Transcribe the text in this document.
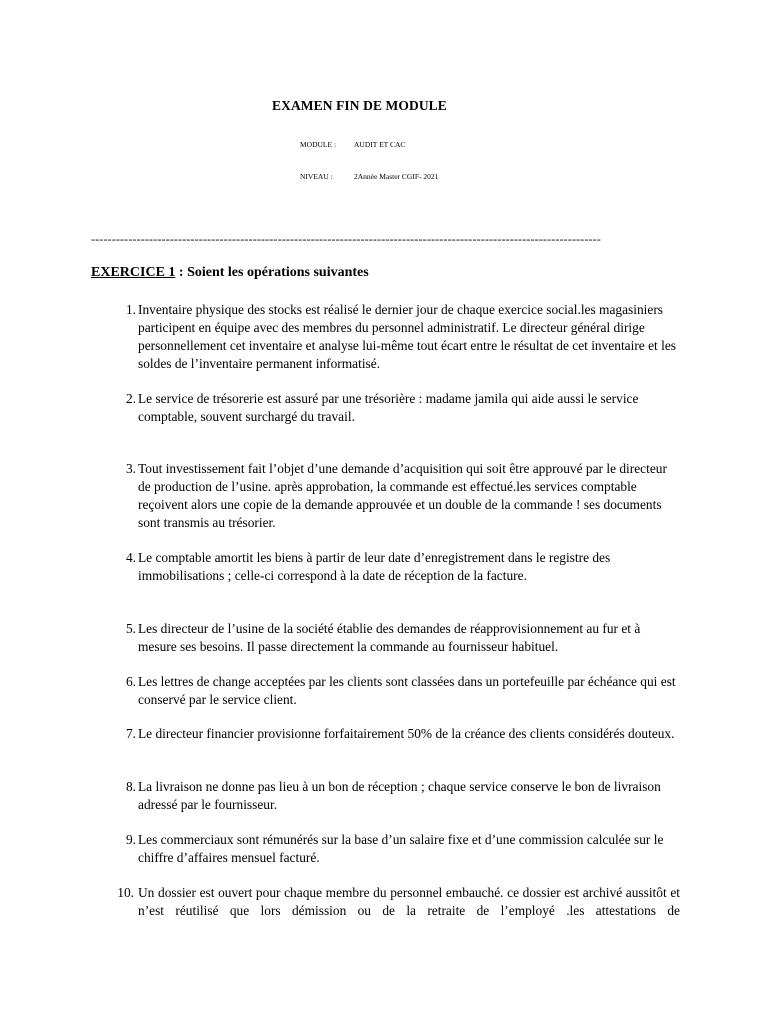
EXAMEN FIN DE MODULE
MODULE : AUDIT ET CAC
NIVEAU :	2Année Master CGIF- 2021
---------------------------------------------------------------------------------------------------------------------------
EXERCICE 1 : Soient les opérations suivantes
1. Inventaire physique des stocks est réalisé le dernier jour de chaque exercice social.les magasiniers participent en équipe avec des membres du personnel administratif. Le directeur général dirige personnellement cet inventaire et analyse lui-même tout écart entre le résultat de cet inventaire et les soldes de l’inventaire permanent informatisé.
2. Le service de trésorerie est assuré par une trésorière : madame jamila qui aide aussi le service comptable, souvent surchargé du travail.
3. Tout investissement fait l’objet d’une demande d’acquisition qui soit être approuvé par le directeur de production de l’usine. après approbation, la commande est effectué.les services comptable reçoivent alors une copie de la demande approuvée et un double de la commande ! ses documents sont transmis au trésorier.
4. Le comptable amortit les biens à partir de leur date d’enregistrement dans le registre des immobilisations ; celle-ci correspond à la date de réception de la facture.
5. Les directeur de l’usine de la société établie des demandes de réapprovisionnement au fur et à mesure ses besoins. Il passe directement la commande au fournisseur habituel.
6. Les lettres de change acceptées par les clients sont classées dans un portefeuille par échéance qui est conservé par le service client.
7. Le directeur financier provisionne forfaitairement 50% de la créance des clients considérés douteux.
8. La livraison ne donne pas lieu à un bon de réception ; chaque service conserve le bon de livraison adressé par le fournisseur.
9. Les commerciaux sont rémunérés sur la base d’un salaire fixe et d’une commission calculée sur le chiffre d’affaires mensuel facturé.
10. Un dossier est ouvert pour chaque membre du personnel embauché. ce dossier est archivé aussitôt et n’est réutilisé que lors démission ou de la retraite de l’employé .les attestations de
